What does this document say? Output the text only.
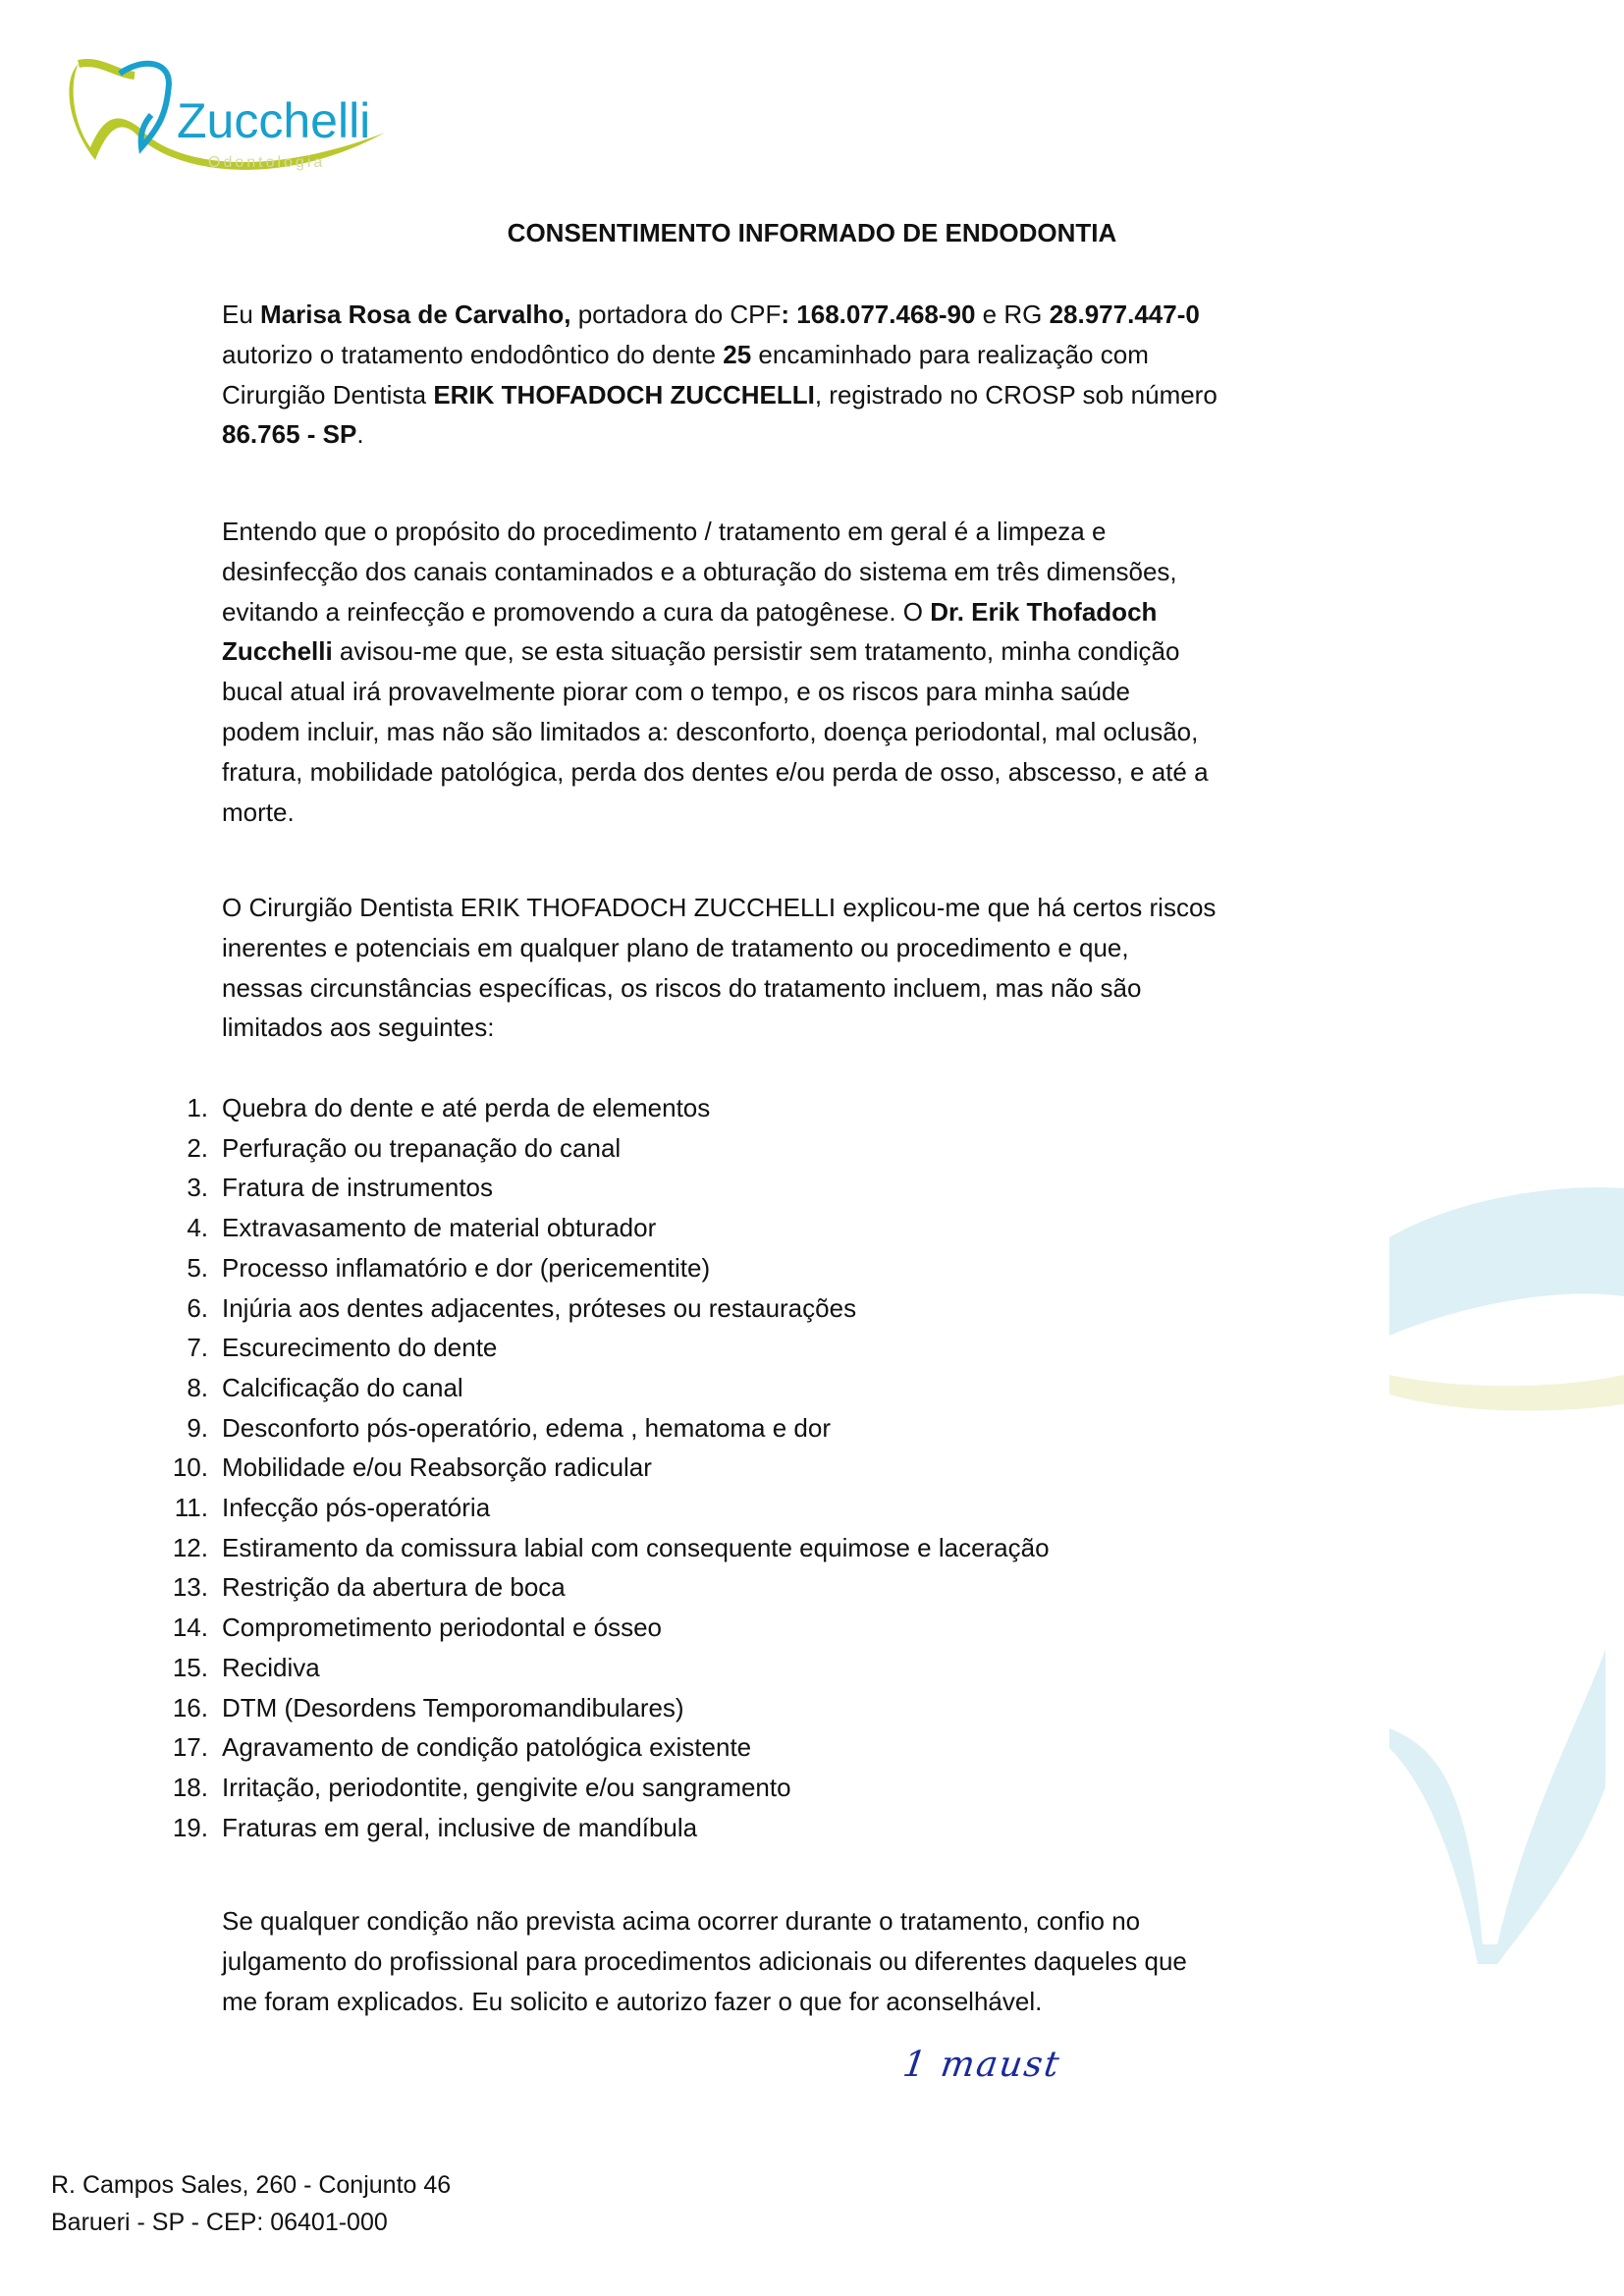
Zucchelli
Odontologia
CONSENTIMENTO INFORMADO DE ENDODONTIA
Eu Marisa Rosa de Carvalho, portadora do CPF: 168.077.468-90 e RG 28.977.447-0
autorizo o tratamento endodôntico do dente 25 encaminhado para realização com
Cirurgião Dentista ERIK THOFADOCH ZUCCHELLI, registrado no CROSP sob número
86.765 - SP.
Entendo que o propósito do procedimento / tratamento em geral é a limpeza e
desinfecção dos canais contaminados e a obturação do sistema em três dimensões,
evitando a reinfecção e promovendo a cura da patogênese. O Dr. Erik Thofadoch
Zucchelli avisou-me que, se esta situação persistir sem tratamento, minha condição
bucal atual irá provavelmente piorar com o tempo, e os riscos para minha saúde
podem incluir, mas não são limitados a: desconforto, doença periodontal, mal oclusão,
fratura, mobilidade patológica, perda dos dentes e/ou perda de osso, abscesso, e até a
morte.
O Cirurgião Dentista ERIK THOFADOCH ZUCCHELLI explicou-me que há certos riscos
inerentes e potenciais em qualquer plano de tratamento ou procedimento e que,
nessas circunstâncias específicas, os riscos do tratamento incluem, mas não são
limitados aos seguintes:
1. Quebra do dente e até perda de elementos
2. Perfuração ou trepanação do canal
3. Fratura de instrumentos
4. Extravasamento de material obturador
5. Processo inflamatório e dor (pericementite)
6. Injúria aos dentes adjacentes, próteses ou restaurações
7. Escurecimento do dente
8. Calcificação do canal
9. Desconforto pós-operatório, edema , hematoma e dor
10. Mobilidade e/ou Reabsorção radicular
11. Infecção pós-operatória
12. Estiramento da comissura labial com consequente equimose e laceração
13. Restrição da abertura de boca
14. Comprometimento periodontal e ósseo
15. Recidiva
16. DTM (Desordens Temporomandibulares)
17. Agravamento de condição patológica existente
18. Irritação, periodontite, gengivite e/ou sangramento
19. Fraturas em geral, inclusive de mandíbula
Se qualquer condição não prevista acima ocorrer durante o tratamento, confio no
julgamento do profissional para procedimentos adicionais ou diferentes daqueles que
me foram explicados. Eu solicito e autorizo fazer o que for aconselhável.
1 maust
R. Campos Sales, 260 - Conjunto 46
Barueri - SP - CEP: 06401-000
